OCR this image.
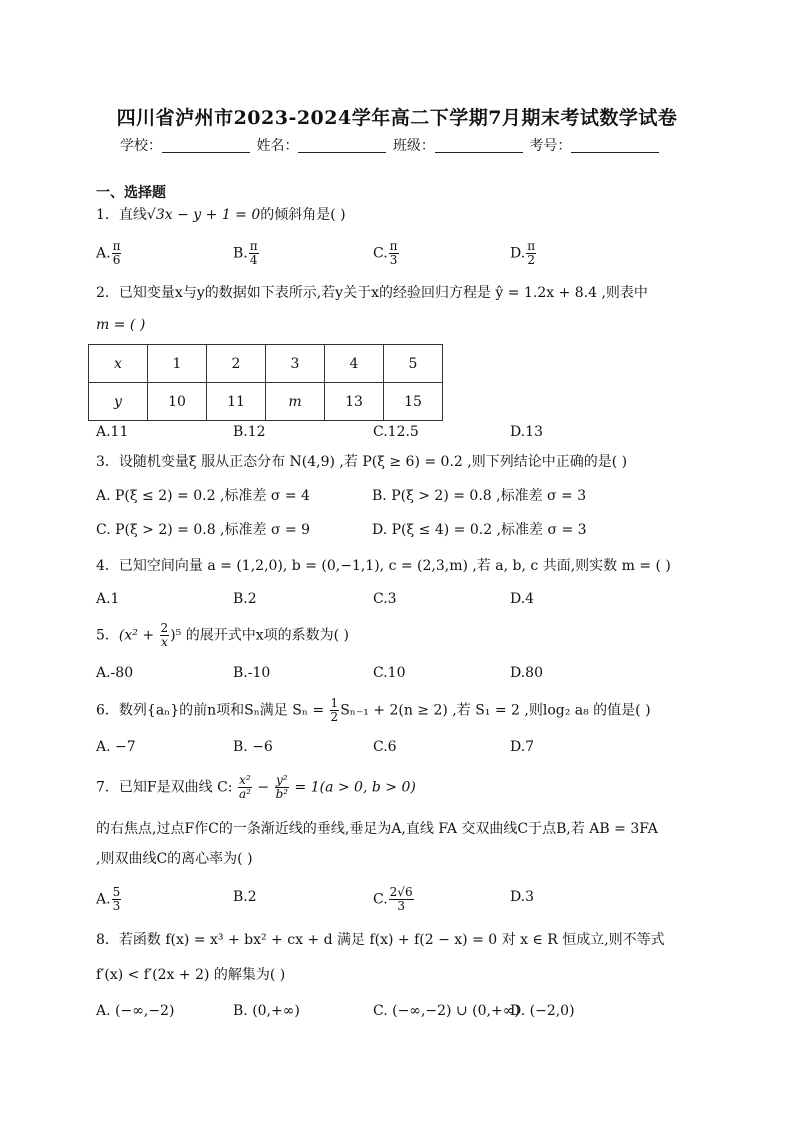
四川省泸州市2023-2024学年高二下学期7月期末考试数学试卷
学校：	姓名：	班级：	考号：
一、选择题
1．直线√3x − y + 1 = 0的倾斜角是( )
A. $\frac{\pi}{6}$	B. $\frac{\pi}{4}$	C. $\frac{\pi}{3}$	D. $\frac{\pi}{2}$
2．已知变量x与y的数据如下表所示,若y关于x的经验回归方程是 ŷ = 1.2x + 8.4 ,则表中
m = ( )
x	1	2	3	4	5
y	10	11	m	13	15
A.11	B.12	C.12.5	D.13
3．设随机变量ξ 服从正态分布 N(4,9) ,若 P(ξ ≥ 6) = 0.2 ,则下列结论中正确的是( )
A. P(ξ ≤ 2) = 0.2 ,标准差 σ = 4	B. P(ξ > 2) = 0.8 ,标准差 σ = 3
C. P(ξ > 2) = 0.8 ,标准差 σ = 9	D. P(ξ ≤ 4) = 0.2 ,标准差 σ = 3
4．已知空间向量 a = (1,2,0), b = (0,−1,1), c = (2,3,m) ,若 a, b, c 共面,则实数 m = ( )
A.1	B.2	C.3	D.4
5．$(x^2 + \frac{2}{x} )^5$ 的展开式中x项的系数为( )
A.-80	B.-10	C.10	D.80
6．数列{aₙ}的前n项和Sₙ满足 $S_n = \frac{1}{2} S_{n-1} + 2(n \ge 2)$ ,若 S₁ = 2 ,则log₂ a₈ 的值是( )
A. −7	B. −6	C.6	D.7
7．已知F是双曲线 C: $\frac{\text{x²}}{\text{a²}} - \frac{\text{y²}}{\text{b²}} = 1(a > 0$, b > 0)
的右焦点,过点F作C的一条渐近线的垂线,垂足为A,直线 FA 交双曲线C于点B,若 AB = 3FA
,则双曲线C的离心率为( )
A. $\frac{5}{3}$	B.2	C. $\frac{2√6}{3}$	D.3
8．若函数 f(x) = x³ + bx² + cx + d 满足 f(x) + f(2 − x) = 0 对 x ∈ R 恒成立,则不等式
f′(x) < f′(2x + 2) 的解集为( )
A. (−∞,−2)	B. (0,+∞)	C. (−∞,−2) ∪ (0,+∞)
D. (−2,0)
